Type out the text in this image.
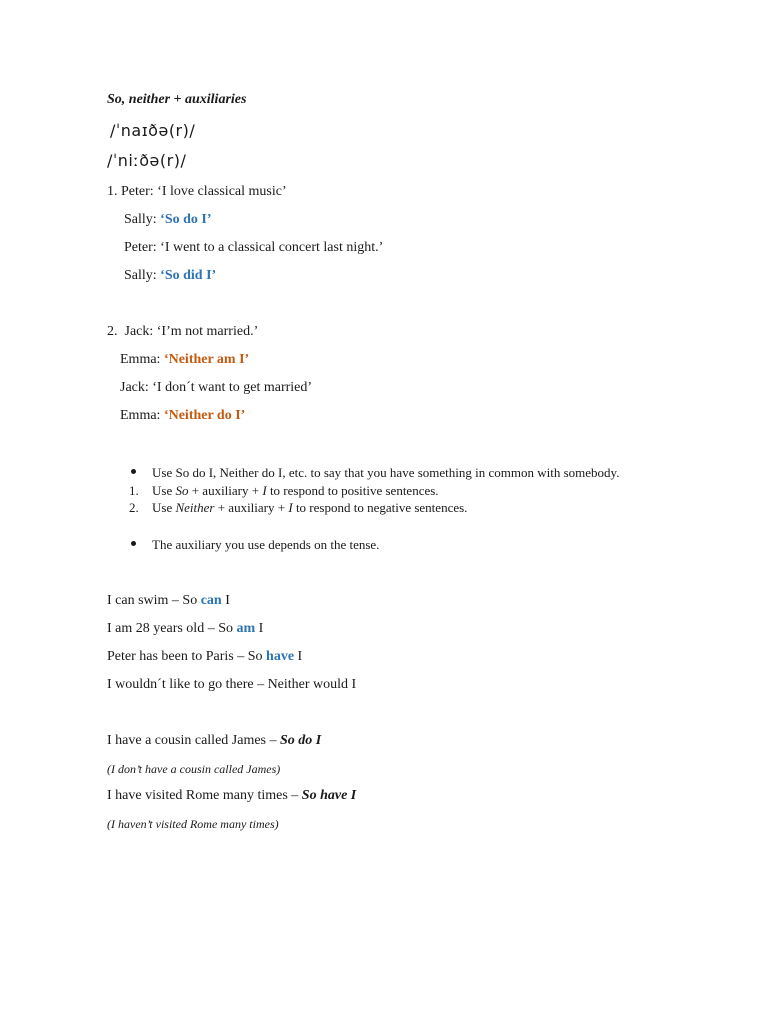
So, neither + auxiliaries
/ˈnaɪðə(r)/
/ˈniːðə(r)/
1. Peter: ‘I love classical music’
Sally: ‘So do I’
Peter: ‘I went to a classical concert last night.’
Sally: ‘So did I’
2. Jack: ‘I’m not married.’
Emma: ‘Neither am I’
Jack: ‘I don´t want to get married’
Emma: ‘Neither do I’
Use So do I, Neither do I, etc. to say that you have something in common with somebody.
1. Use So + auxiliary + I to respond to positive sentences.
2. Use Neither + auxiliary + I to respond to negative sentences.
The auxiliary you use depends on the tense.
I can swim – So can I
I am 28 years old – So am I
Peter has been to Paris – So have I
I wouldn´t like to go there – Neither would I
I have a cousin called James – So do I
(I don’t have a cousin called James)
I have visited Rome many times – So have I
(I haven’t visited Rome many times)
